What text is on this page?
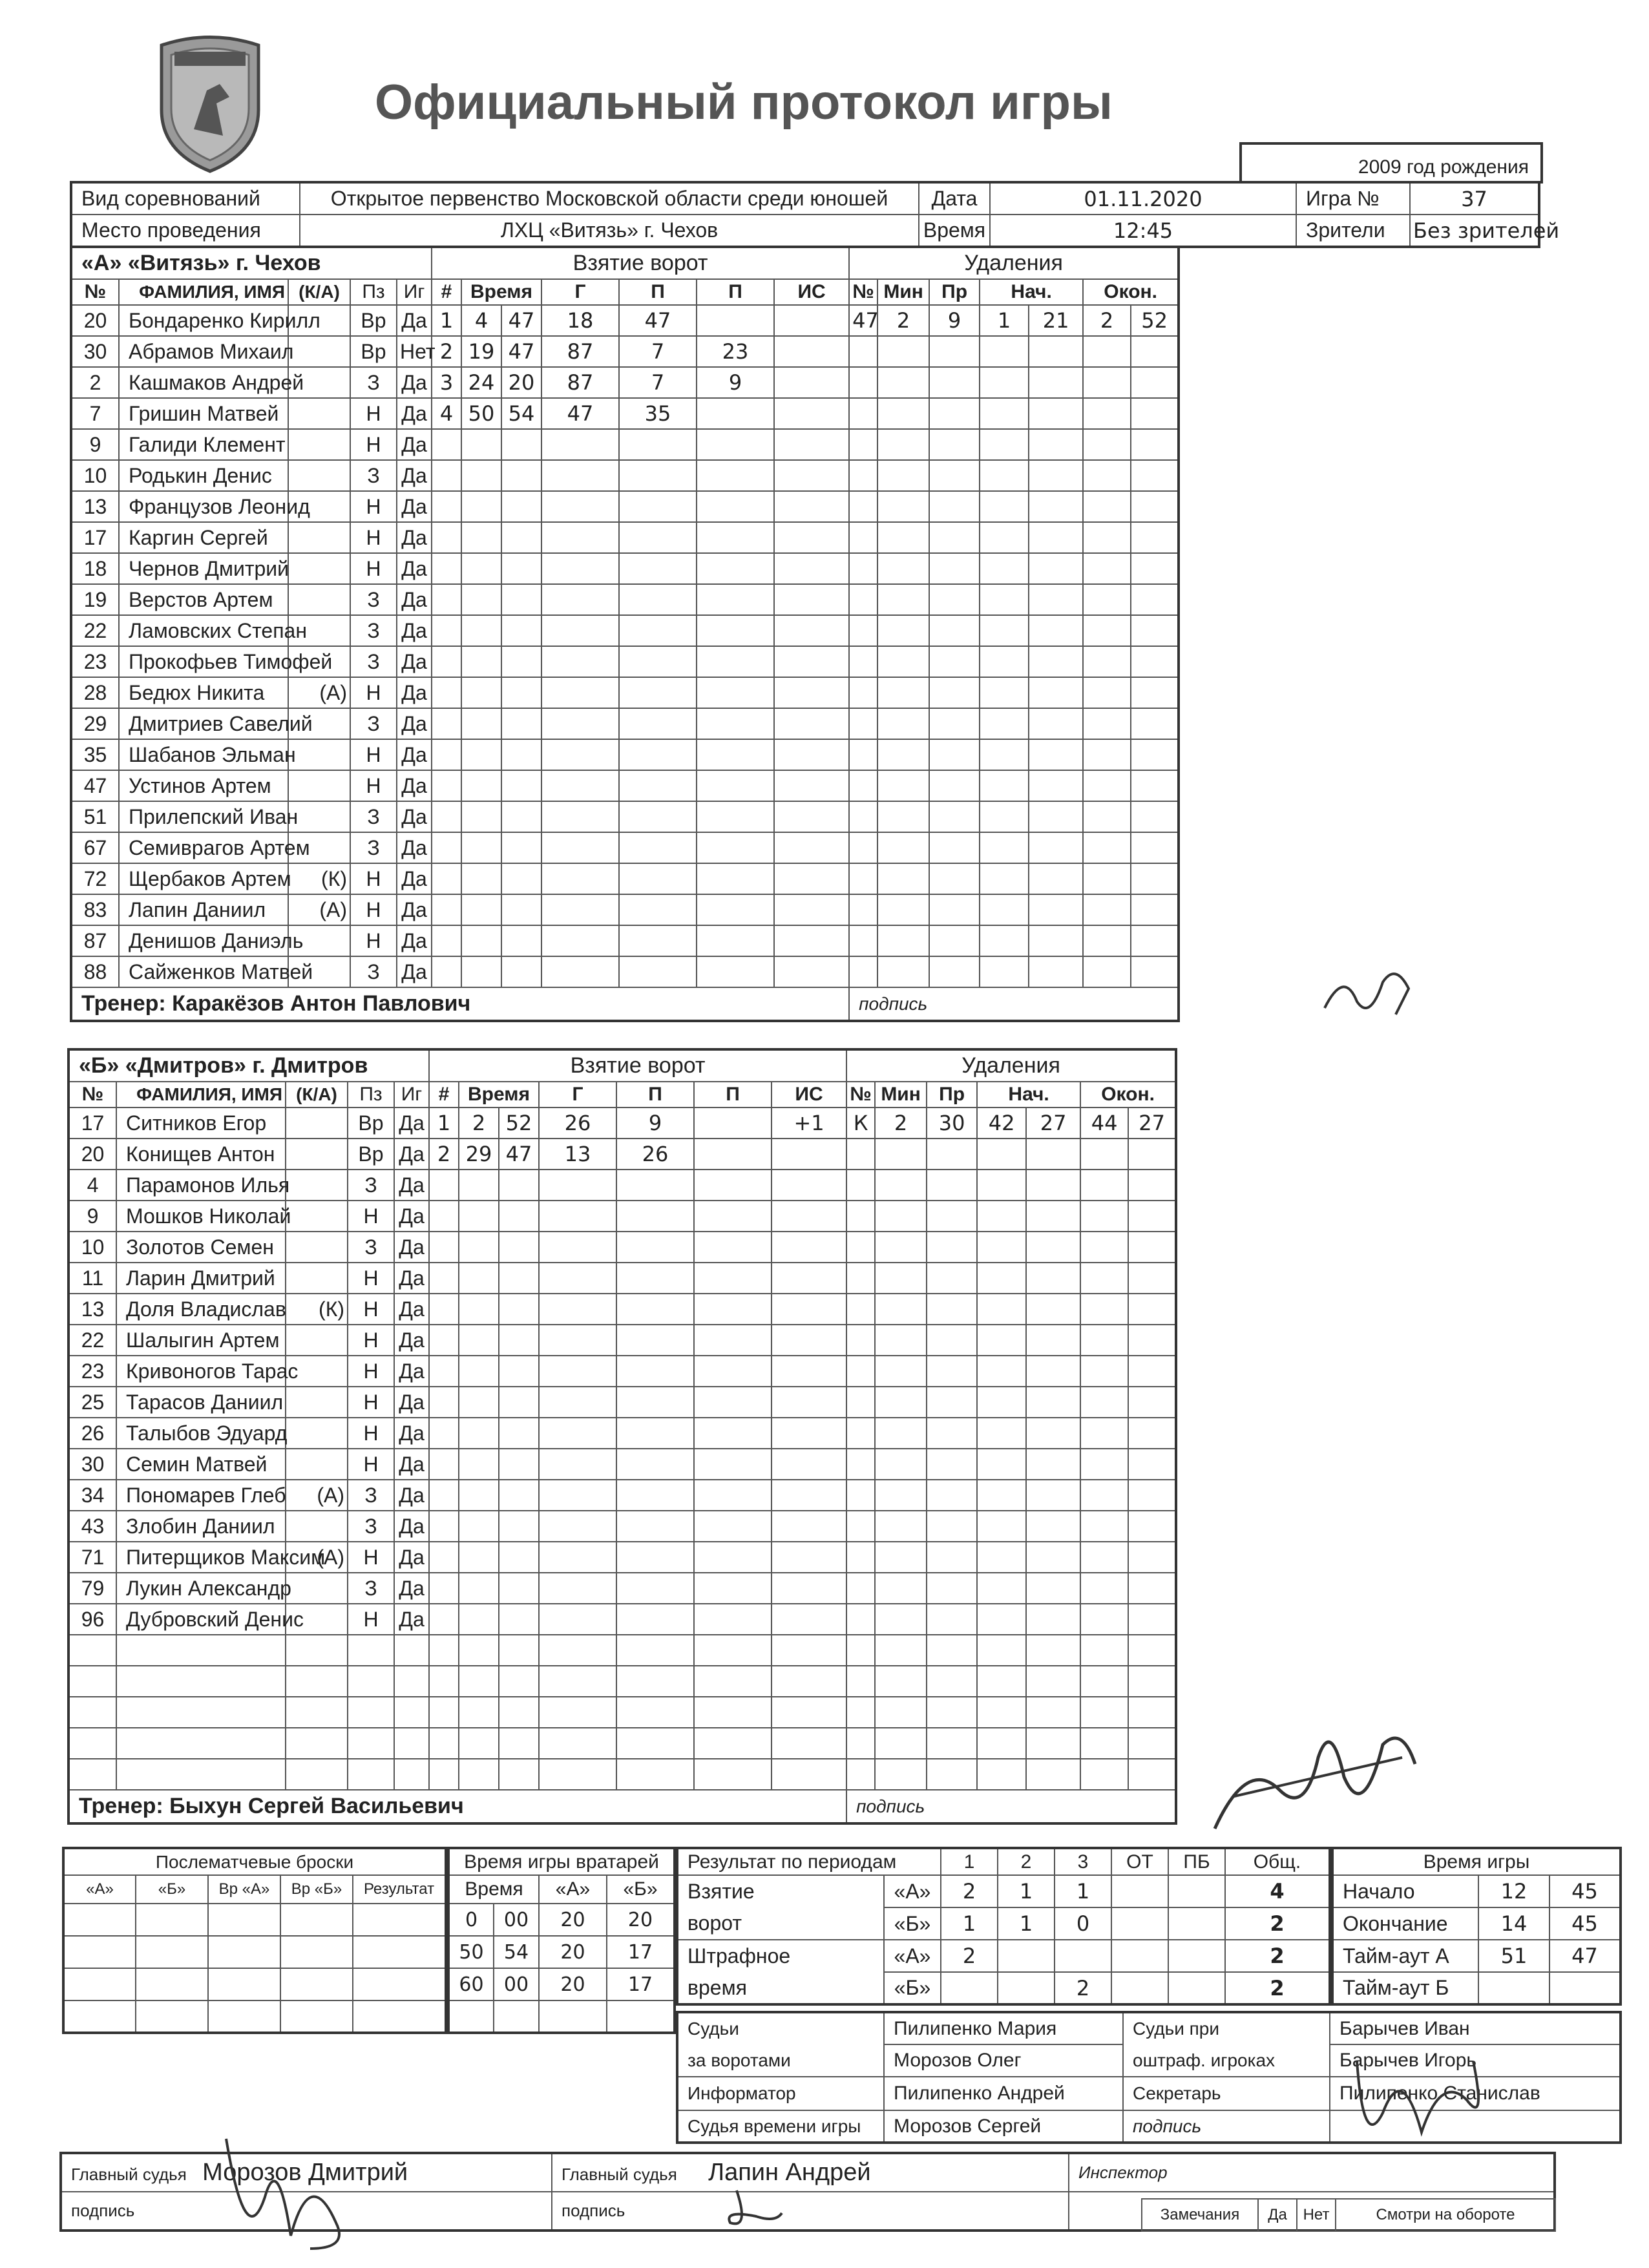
Официальный протокол игры
2009 год рождения
Вид соревнований	Открытое первенство Московской области среди юношей	Дата	01.11.2020	Игра №	37
Место проведения	ЛХЦ «Витязь» г. Чехов	Время	12:45	Зрители	Без зрителей
«А» «Витязь» г. Чехов					Взятие ворот							Удаления						
№	ФАМИЛИЯ, ИМЯ	(К/А)	Пз	Иг	#	Время		Г	П	П	ИС	№	Мин	Пр	Нач.		Окон.	
20	Бондаренко Кирилл		Вр	Да	1	4	47	18	47			47	2	9	1	21	2	52
30	Абрамов Михаил		Вр	Нет	2	19	47	87	7	23								
2	Кашмаков Андрей		З	Да	3	24	20	87	7	9								
7	Гришин Матвей		Н	Да	4	50	54	47	35									
9	Галиди Клемент		Н	Да														
10	Родькин Денис		З	Да														
13	Французов Леонид		Н	Да														
17	Каргин Сергей		Н	Да														
18	Чернов Дмитрий		Н	Да														
19	Верстов Артем		З	Да														
22	Ламовских Степан		З	Да														
23	Прокофьев Тимофей		З	Да														
28	Бедюх Никита	(А)	Н	Да														
29	Дмитриев Савелий		З	Да														
35	Шабанов Эльман		Н	Да														
47	Устинов Артем		Н	Да														
51	Прилепский Иван		З	Да														
67	Семиврагов Артем		З	Да														
72	Щербаков Артем	(К)	Н	Да														
83	Лапин Даниил	(А)	Н	Да														
87	Денишов Даниэль		Н	Да														
88	Сайженков Матвей		З	Да														
Тренер: Каракёзов Антон Павлович												подпись						
«Б» «Дмитров» г. Дмитров					Взятие ворот							Удаления						
№	ФАМИЛИЯ, ИМЯ	(К/А)	Пз	Иг	#	Время		Г	П	П	ИС	№	Мин	Пр	Нач.		Окон.	
17	Ситников Егор		Вр	Да	1	2	52	26	9		+1	К	2	30	42	27	44	27
20	Конищев Антон		Вр	Да	2	29	47	13	26									
4	Парамонов Илья		З	Да														
9	Мошков Николай		Н	Да														
10	Золотов Семен		З	Да														
11	Ларин Дмитрий		Н	Да														
13	Доля Владислав	(К)	Н	Да														
22	Шалыгин Артем		Н	Да														
23	Кривоногов Тарас		Н	Да														
25	Тарасов Даниил		Н	Да														
26	Талыбов Эдуард		Н	Да														
30	Семин Матвей		Н	Да														
34	Пономарев Глеб	(А)	З	Да														
43	Злобин Даниил		З	Да														
71	Питерщиков Максим	(А)	Н	Да														
79	Лукин Александр		З	Да														
96	Дубровский Денис		Н	Да														

Тренер: Быхун Сергей Васильевич												подпись						
Послематчевые броски				
«А»	«Б»	Вр «А»	Вр «Б»	Результат

Время игры вратарей			
Время		«А»	«Б»
0	00	20	20
50	54	20	17
60	00	20	17

Результат по периодам		1	2	3	ОТ	ПБ	Общ.
Взятие	«А»	2	1	1			4
ворот	«Б»	1	1	0			2
Штрафное	«А»	2					2
время	«Б»			2			2
Время игры		
Начало	12	45
Окончание	14	45
Тайм-аут А	51	47
Тайм-аут Б		
Судьи	Пилипенко Мария	Судьи при	Барычев Иван
за воротами	Морозов Олег	оштраф. игроках	Барычев Игорь
Информатор	Пилипенко Андрей	Секретарь	Пилипенко Станислав
Судья времени игры	Морозов Сергей	подпись	
Главный судья Морозов Дмитрий	Главный судья Лапин Андрей	Инспектор
подпись	подпись		Замечания	Да	Нет	Смотри на обороте
